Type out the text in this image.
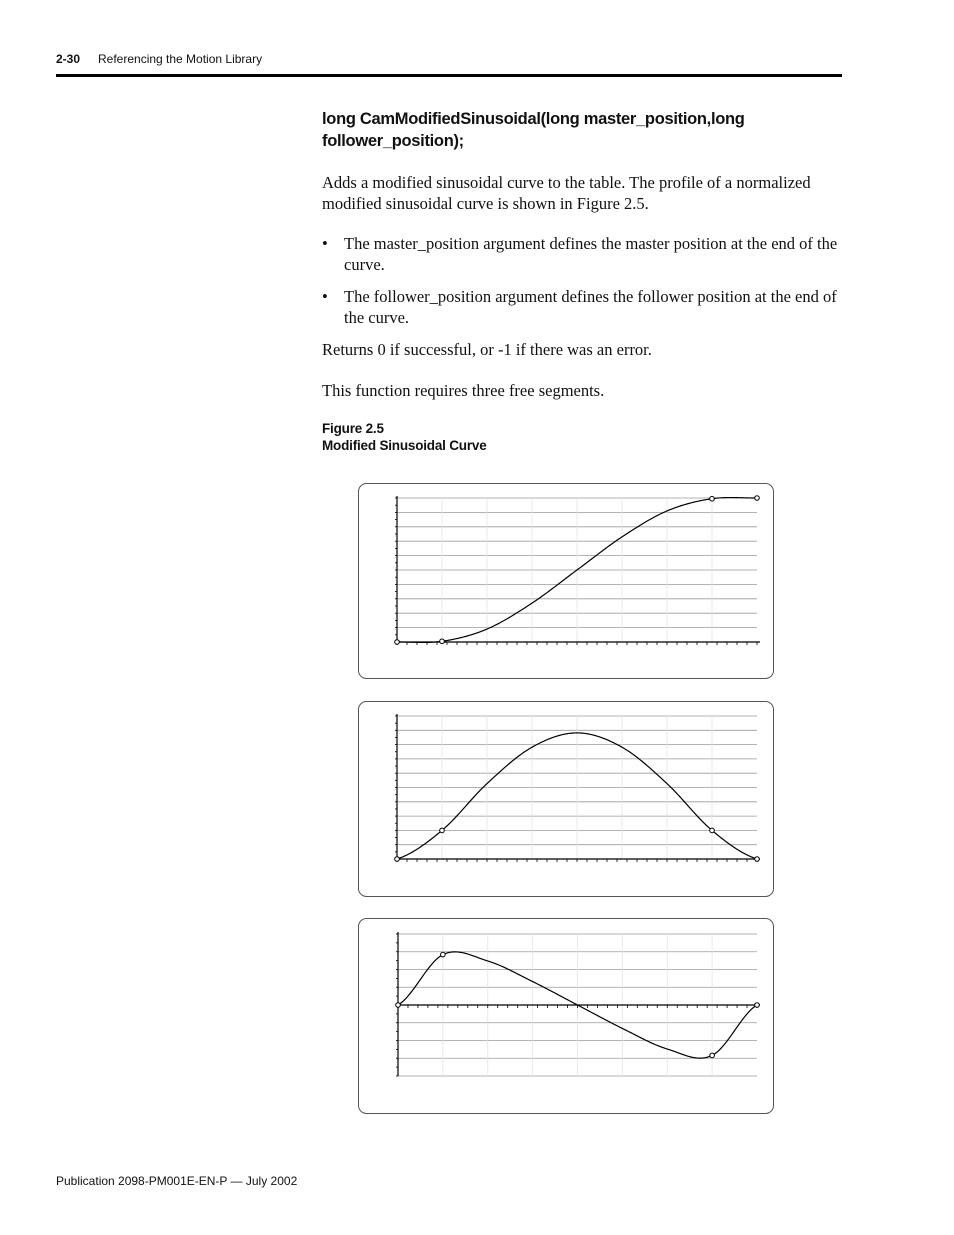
2-30 Referencing the Motion Library

long CamModifiedSinusoidal(long master_position,long follower_position);

Adds a modified sinusoidal curve to the table. The profile of a normalized modified sinusoidal curve is shown in Figure 2.5.

• The master_position argument defines the master position at the end of the curve.
• The follower_position argument defines the follower position at the end of the curve.

Returns 0 if successful, or -1 if there was an error.

This function requires three free segments.

Figure 2.5
Modified Sinusoidal Curve
Publication 2098-PM001E-EN-P — July 2002
